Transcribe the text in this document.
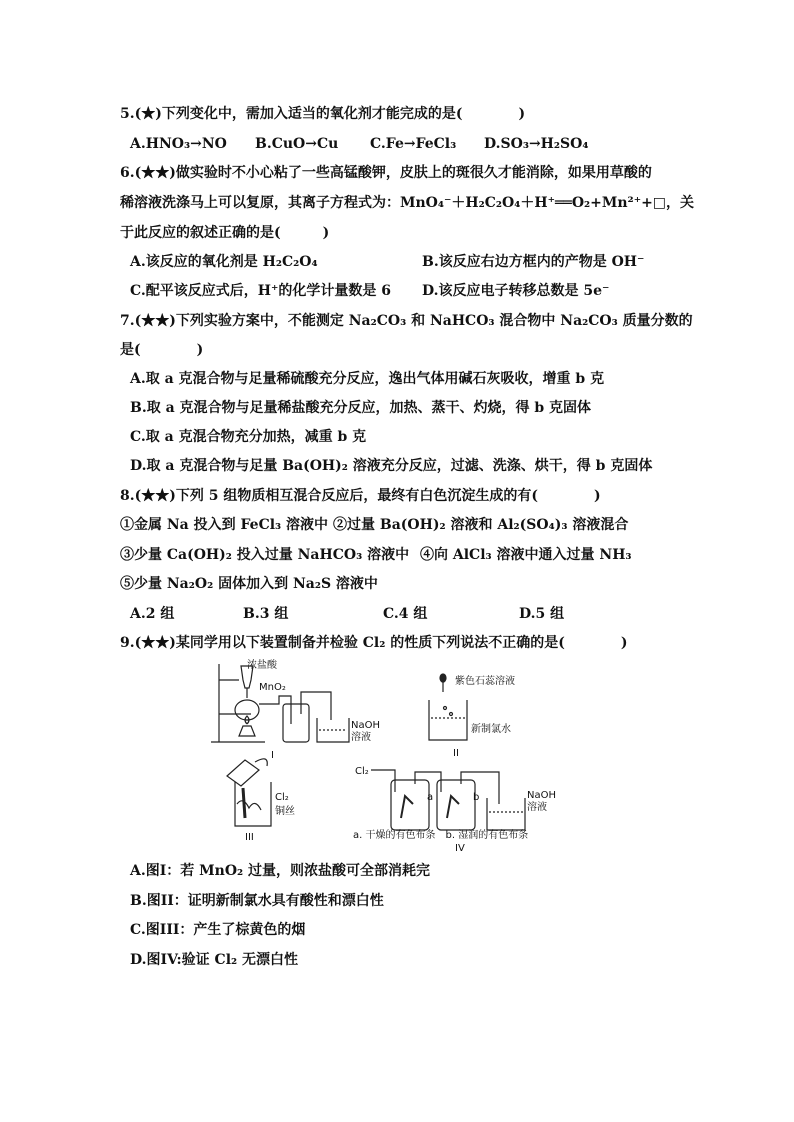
5.(★)下列变化中，需加入适当的氧化剂才能完成的是(　　　　)
A.HNO₃→NO B.CuO→Cu C.Fe→FeCl₃ D.SO₃→H₂SO₄
6.(★★)做实验时不小心粘了一些高锰酸钾，皮肤上的斑很久才能消除，如果用草酸的
稀溶液洗涤马上可以复原，其离子方程式为：MnO₄⁻＋H₂C₂O₄＋H⁺══O₂+Mn²⁺+□，关
于此反应的叙述正确的是(　　　)
A.该反应的氧化剂是 H₂C₂O₄	B.该反应右边方框内的产物是 OH⁻
C.配平该反应式后，H⁺的化学计量数是 6 D.该反应电子转移总数是 5e⁻
7.(★★)下列实验方案中，不能测定 Na₂CO₃ 和 NaHCO₃ 混合物中 Na₂CO₃ 质量分数的
是(　　　　)
A.取 a 克混合物与足量稀硫酸充分反应，逸出气体用碱石灰吸收，增重 b 克
B.取 a 克混合物与足量稀盐酸充分反应，加热、蒸干、灼烧，得 b 克固体
C.取 a 克混合物充分加热，减重 b 克
D.取 a 克混合物与足量 Ba(OH)₂ 溶液充分反应，过滤、洗涤、烘干，得 b 克固体
8.(★★)下列 5 组物质相互混合反应后，最终有白色沉淀生成的有(　　　　)
①金属 Na 投入到 FeCl₃ 溶液中 ②过量 Ba(OH)₂ 溶液和 Al₂(SO₄)₃ 溶液混合
③少量 Ca(OH)₂ 投入过量 NaHCO₃ 溶液中 ④向 AlCl₃ 溶液中通入过量 NH₃
⑤少量 Na₂O₂ 固体加入到 Na₂S 溶液中
A.2 组	B.3 组	C.4 组	D.5 组
9.(★★)某同学用以下装置制备并检验 Cl₂ 的性质下列说法不正确的是(　　　　)
浓盐酸
MnO₂
NaOH
溶液
I
紫色石蕊溶液
新制氯水
II
Cl₂
铜丝
III
Cl₂
a	b	NaOH
溶液
a. 干燥的有色布条　b. 湿润的有色布条
IV
A.图I：若 MnO₂ 过量，则浓盐酸可全部消耗完
B.图II：证明新制氯水具有酸性和漂白性
C.图III：产生了棕黄色的烟
D.图IV:验证 Cl₂ 无漂白性
